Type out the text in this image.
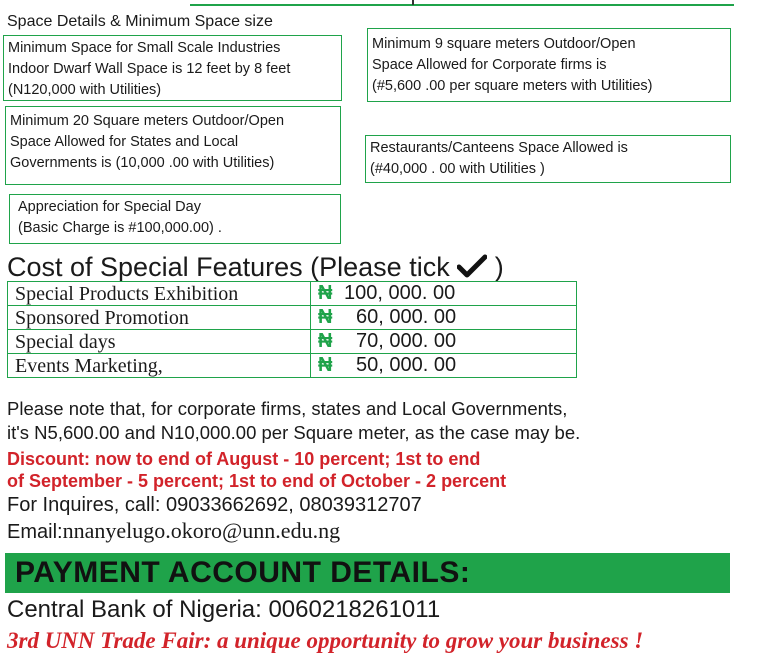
Space Details & Minimum Space size
Minimum Space for Small Scale Industries
Indoor Dwarf Wall Space is 12 feet by 8 feet
(N120,000 with Utilities)
Minimum 9 square meters Outdoor/Open
Space Allowed for Corporate firms is
(#5,600 .00 per square meters with Utilities)
Minimum 20 Square meters Outdoor/Open
Space Allowed for States and Local
Governments is (10,000 .00 with Utilities)
Restaurants/Canteens Space Allowed is
(#40,000 . 00 with Utilities )
Appreciation for Special Day
(Basic Charge is #100,000.00) .
Cost of Special Features (Please tick )
Special Products Exhibition	₦ 100, 000. 00
Sponsored Promotion	₦ 60, 000. 00
Special days	₦ 70, 000. 00
Events Marketing,	₦ 50, 000. 00
Please note that, for corporate firms, states and Local Governments,
it's N5,600.00 and N10,000.00 per Square meter, as the case may be.
Discount: now to end of August - 10 percent; 1st to end
of September - 5 percent; 1st to end of October - 2 percent
For Inquires, call: 09033662692, 08039312707
Email:nnanyelugo.okoro@unn.edu.ng
PAYMENT ACCOUNT DETAILS:
Central Bank of Nigeria: 0060218261011
3rd UNN Trade Fair: a unique opportunity to grow your business !
